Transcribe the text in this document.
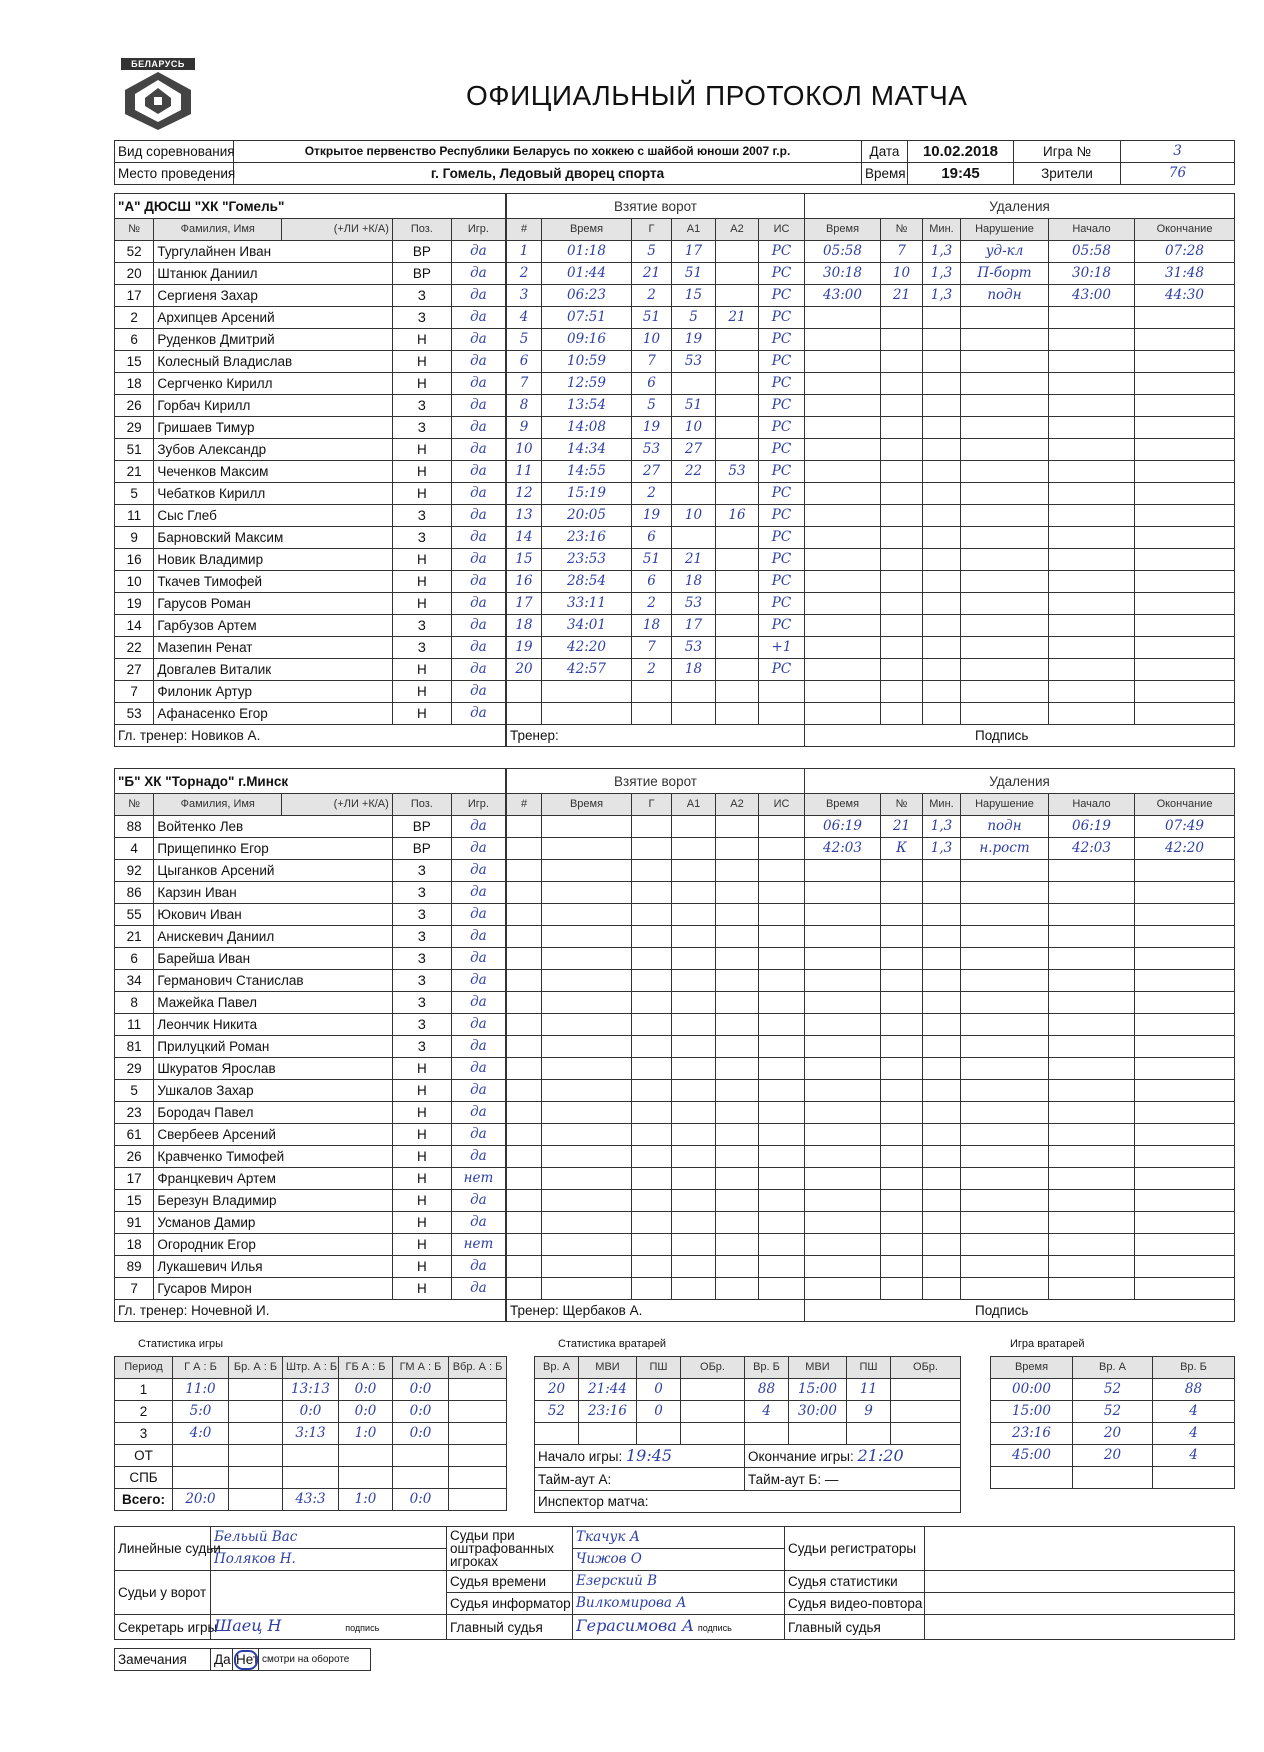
БЕЛАРУСЬ
ОФИЦИАЛЬНЫЙ ПРОТОКОЛ МАТЧА
Вид соревнования	Открытое первенство Республики Беларусь по хоккею с шайбой юноши 2007 г.р.	Дата	10.02.2018	Игра №	3
Место проведения	г. Гомель, Ледовый дворец спорта	Время	19:45	Зрители	76
"А" ДЮСШ "ХК "Гомель"				
№	Фамилия, Имя	(+ЛИ +К/А)	Поз.	Игр.
52	Тургулайнен Иван		ВР	да
20	Штанюк Даниил		ВР	да
17	Сергиеня Захар		З	да
2	Архипцев Арсений		З	да
6	Руденков Дмитрий		Н	да
15	Колесный Владислав		Н	да
18	Сергченко Кирилл		Н	да
26	Горбач Кирилл		З	да
29	Гришаев Тимур		З	да
51	Зубов Александр		Н	да
21	Чеченков Максим		Н	да
5	Чебатков Кирилл		Н	да
11	Сыс Глеб		З	да
9	Барновский Максим		З	да
16	Новик Владимир		Н	да
10	Ткачев Тимофей		Н	да
19	Гарусов Роман		Н	да
14	Гарбузов Артем		З	да
22	Мазепин Ренат		З	да
27	Довгалев Виталик		Н	да
7	Филоник Артур		Н	да
53	Афанасенко Егор		Н	да
Гл. тренер: Новиков А.				
Взятие ворот					
#	Время	Г	А1	А2	ИС
1	01:18	5	17		PC
2	01:44	21	51		PC
3	06:23	2	15		PC
4	07:51	51	5	21	PC
5	09:16	10	19		PC
6	10:59	7	53		PC
7	12:59	6			PC
8	13:54	5	51		PC
9	14:08	19	10		PC
10	14:34	53	27		PC
11	14:55	27	22	53	PC
12	15:19	2			PC
13	20:05	19	10	16	PC
14	23:16	6			PC
15	23:53	51	21		PC
16	28:54	6	18		PC
17	33:11	2	53		PC
18	34:01	18	17		PC
19	42:20	7	53		+1
20	42:57	2	18		PC

Тренер:					
Удаления					
Время	№	Мин.	Нарушение	Начало	Окончание
05:58	7	1,3	уд-кл	05:58	07:28
30:18	10	1,3	П-борт	30:18	31:48
43:00	21	1,3	подн	43:00	44:30

Подпись					
"Б" ХК "Торнадо" г.Минск				
№	Фамилия, Имя	(+ЛИ +К/А)	Поз.	Игр.
88	Войтенко Лев		ВР	да
4	Прищепинко Егор		ВР	да
92	Цыганков Арсений		З	да
86	Карзин Иван		З	да
55	Юкович Иван		З	да
21	Анискевич Даниил		З	да
6	Барейша Иван		З	да
34	Германович Станислав		З	да
8	Мажейка Павел		З	да
11	Леончик Никита		З	да
81	Прилуцкий Роман		З	да
29	Шкуратов Ярослав		Н	да
5	Ушкалов Захар		Н	да
23	Бородач Павел		Н	да
61	Свербеев Арсений		Н	да
26	Кравченко Тимофей		Н	да
17	Францкевич Артем		Н	нет
15	Березун Владимир		Н	да
91	Усманов Дамир		Н	да
18	Огородник Егор		Н	нет
89	Лукашевич Илья		Н	да
7	Гусаров Мирон		Н	да
Гл. тренер: Ночевной И.				
Взятие ворот					
#	Время	Г	А1	А2	ИС

Тренер: Щербаков А.					
Удаления					
Время	№	Мин.	Нарушение	Начало	Окончание
06:19	21	1,3	подн	06:19	07:49
42:03	К	1,3	н.рост	42:03	42:20

Подпись					
Статистика игры
Период	Г А : Б	Бр. А : Б	Штр. А : Б	ГБ А : Б	ГМ А : Б	Вбр. А : Б
1	11:0		13:13	0:0	0:0	
2	5:0		0:0	0:0	0:0	
3	4:0		3:13	1:0	0:0	
ОТ						
СПБ						
Всего:	20:0		43:3	1:0	0:0	
Статистика вратарей
Вр. А	МВИ	ПШ	ОБр.	Вр. Б	МВИ	ПШ	ОБр.
20	21:44	0		88	15:00	11	
52	23:16	0		4	30:00	9	

Начало игры: 19:45				Окончание игры: 21:20			
Тайм-аут А:				Тайм-аут Б: —			
Инспектор матча:							
Игра вратарей
Время	Вр. А	Вр. Б
00:00	52	88
15:00	52	4
23:16	20	4
45:00	20	4

Линейные судьи	Бельый Вас	Судьи при оштрафованных игроках	Ткачук А	Судьи регистраторы	
	Поляков Н.		Чижов О		
Судьи у ворот		Судья времени	Езерский В	Судья статистики	
		Судья информатор	Вилкомирова А	Судья видео-повтора	
Секретарь игры	Шаец Н подпись	Главный судья	Герасимова А подпись	Главный судья	
Замечания	Да	Нет	смотри на обороте
